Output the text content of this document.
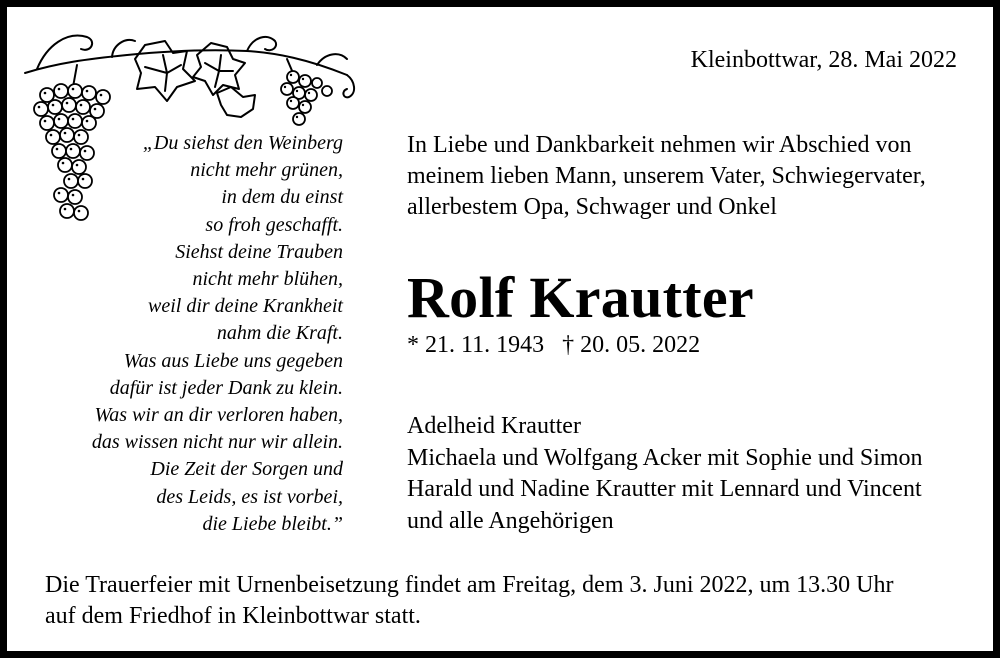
Kleinbottwar, 28. Mai 2022
„Du siehst den Weinberg
nicht mehr grünen,
in dem du einst
so froh geschafft.
Siehst deine Trauben
nicht mehr blühen,
weil dir deine Krankheit
nahm die Kraft.
Was aus Liebe uns gegeben
dafür ist jeder Dank zu klein.
Was wir an dir verloren haben,
das wissen nicht nur wir allein.
Die Zeit der Sorgen und
des Leids, es ist vorbei,
die Liebe bleibt.”
In Liebe und Dankbarkeit nehmen wir Abschied von
meinem lieben Mann, unserem Vater, Schwiegervater,
allerbestem Opa, Schwager und Onkel
Rolf Krautter
* 21. 11. 1943 † 20. 05. 2022
Adelheid Krautter
Michaela und Wolfgang Acker mit Sophie und Simon
Harald und Nadine Krautter mit Lennard und Vincent
und alle Angehörigen
Die Trauerfeier mit Urnenbeisetzung findet am Freitag, dem 3. Juni 2022, um 13.30 Uhr
auf dem Friedhof in Kleinbottwar statt.
